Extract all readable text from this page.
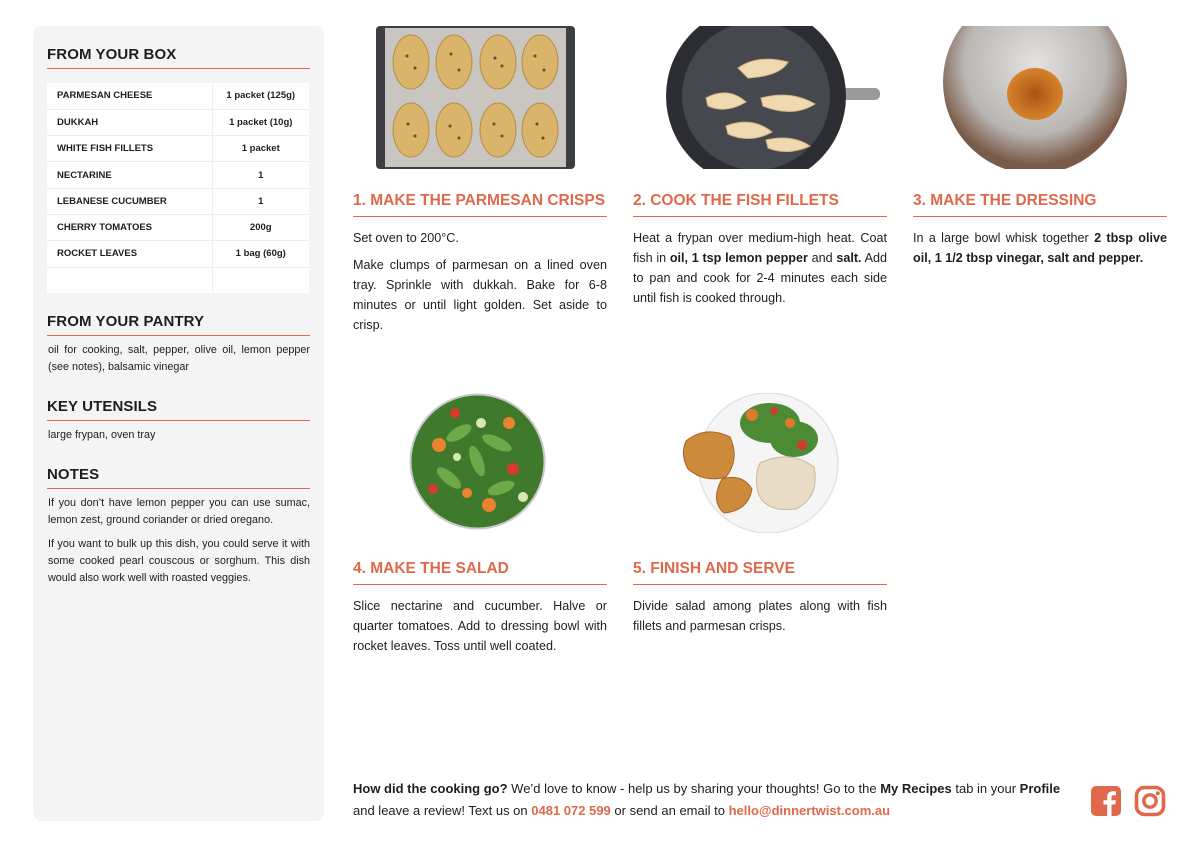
FROM YOUR BOX
PARMESAN CHEESE	1 packet (125g)
DUKKAH	1 packet (10g)
WHITE FISH FILLETS	1 packet
NECTARINE	1
LEBANESE CUCUMBER	1
CHERRY TOMATOES	200g
ROCKET LEAVES	1 bag (60g)

FROM YOUR PANTRY

oil for cooking, salt, pepper, olive oil, lemon pepper (see notes), balsamic vinegar

KEY UTENSILS

large frypan, oven tray

NOTES

If you don’t have lemon pepper you can use sumac, lemon zest, ground coriander or dried oregano.

If you want to bulk up this dish, you could serve it with some cooked pearl couscous or sorghum. This dish would also work well with roasted veggies.

1. MAKE THE PARMESAN CRISPS

Set oven to 200°C.

Make clumps of parmesan on a lined oven tray. Sprinkle with dukkah. Bake for 6-8 minutes or until light golden. Set aside to crisp.

2. COOK THE FISH FILLETS

Heat a frypan over medium-high heat. Coat fish in oil, 1 tsp lemon pepper and salt. Add to pan and cook for 2-4 minutes each side until fish is cooked through.

3. MAKE THE DRESSING

In a large bowl whisk together 2 tbsp olive oil, 1 1/2 tbsp vinegar, salt and pepper.

4. MAKE THE SALAD

Slice nectarine and cucumber. Halve or quarter tomatoes. Add to dressing bowl with rocket leaves. Toss until well coated.

5. FINISH AND SERVE

Divide salad among plates along with fish fillets and parmesan crisps.

How did the cooking go? We’d love to know - help us by sharing your thoughts! Go to the My Recipes tab in your Profile and leave a review! Text us on 0481 072 599 or send an email to hello@dinnertwist.com.au
